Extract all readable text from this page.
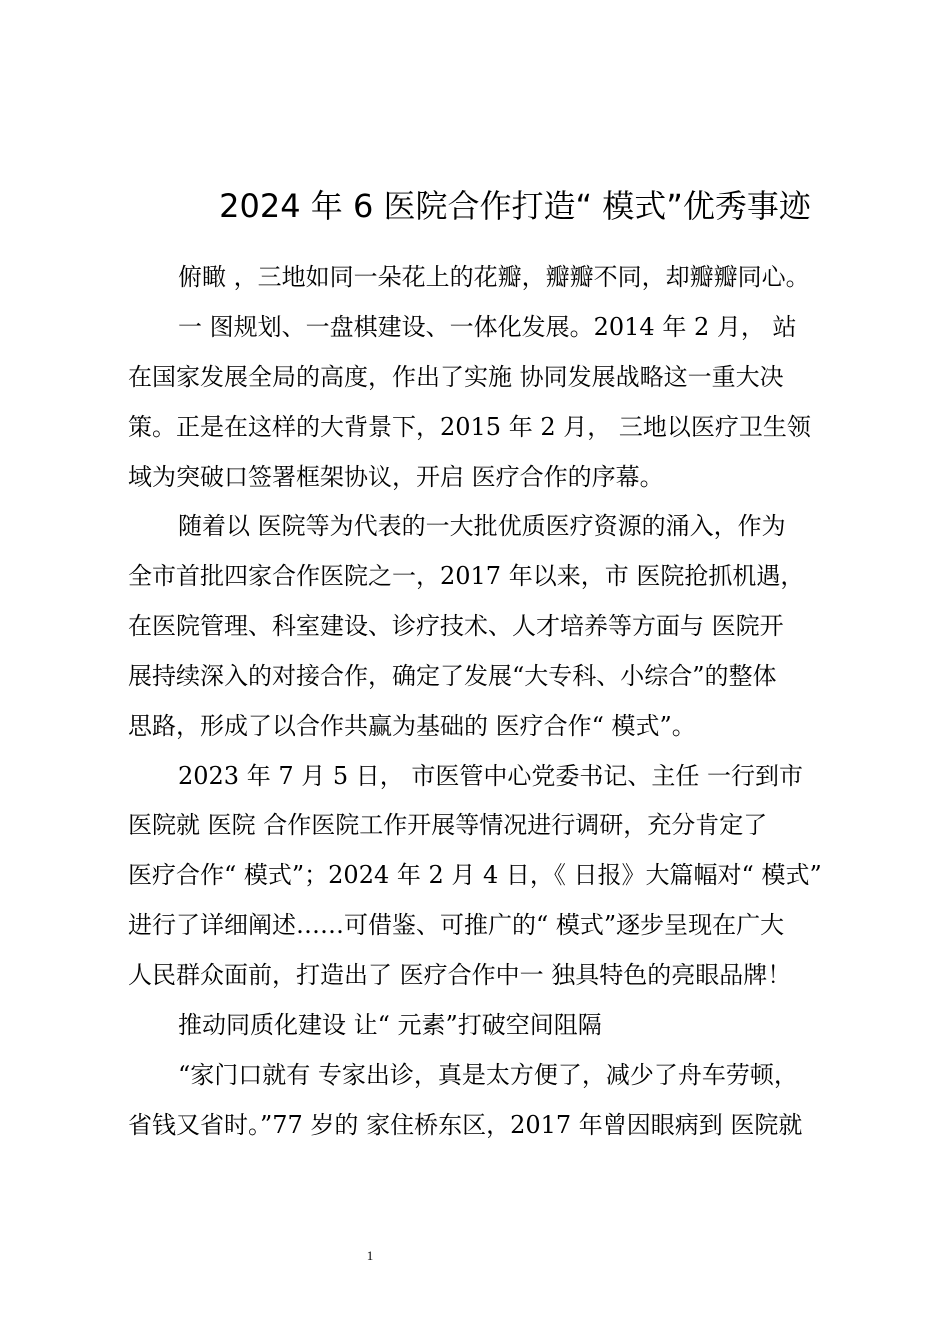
2024 年 6 医院合作打造“ 模式”优秀事迹
俯瞰 ，三地如同一朵花上的花瓣，瓣瓣不同，却瓣瓣同心。
一 图规划、一盘棋建设、一体化发展。2014 年 2 月， 站
在国家发展全局的高度，作出了实施 协同发展战略这一重大决
策。正是在这样的大背景下，2015 年 2 月， 三地以医疗卫生领
域为突破口签署框架协议，开启 医疗合作的序幕。
随着以 医院等为代表的一大批优质医疗资源的涌入，作为
全市首批四家合作医院之一，2017 年以来，市 医院抢抓机遇，
在医院管理、科室建设、诊疗技术、人才培养等方面与 医院开
展持续深入的对接合作，确定了发展“大专科、小综合”的整体
思路，形成了以合作共赢为基础的 医疗合作“ 模式”。
2023 年 7 月 5 日， 市医管中心党委书记、主任 一行到市
医院就 医院 合作医院工作开展等情况进行调研，充分肯定了
医疗合作“ 模式”；2024 年 2 月 4 日，《 日报》大篇幅对“ 模式”
进行了详细阐述……可借鉴、可推广的“ 模式”逐步呈现在广大
人民群众面前，打造出了 医疗合作中一 独具特色的亮眼品牌！
推动同质化建设 让“ 元素”打破空间阻隔
“家门口就有 专家出诊，真是太方便了，减少了舟车劳顿，
省钱又省时。”77 岁的 家住桥东区，2017 年曾因眼病到 医院就
1
